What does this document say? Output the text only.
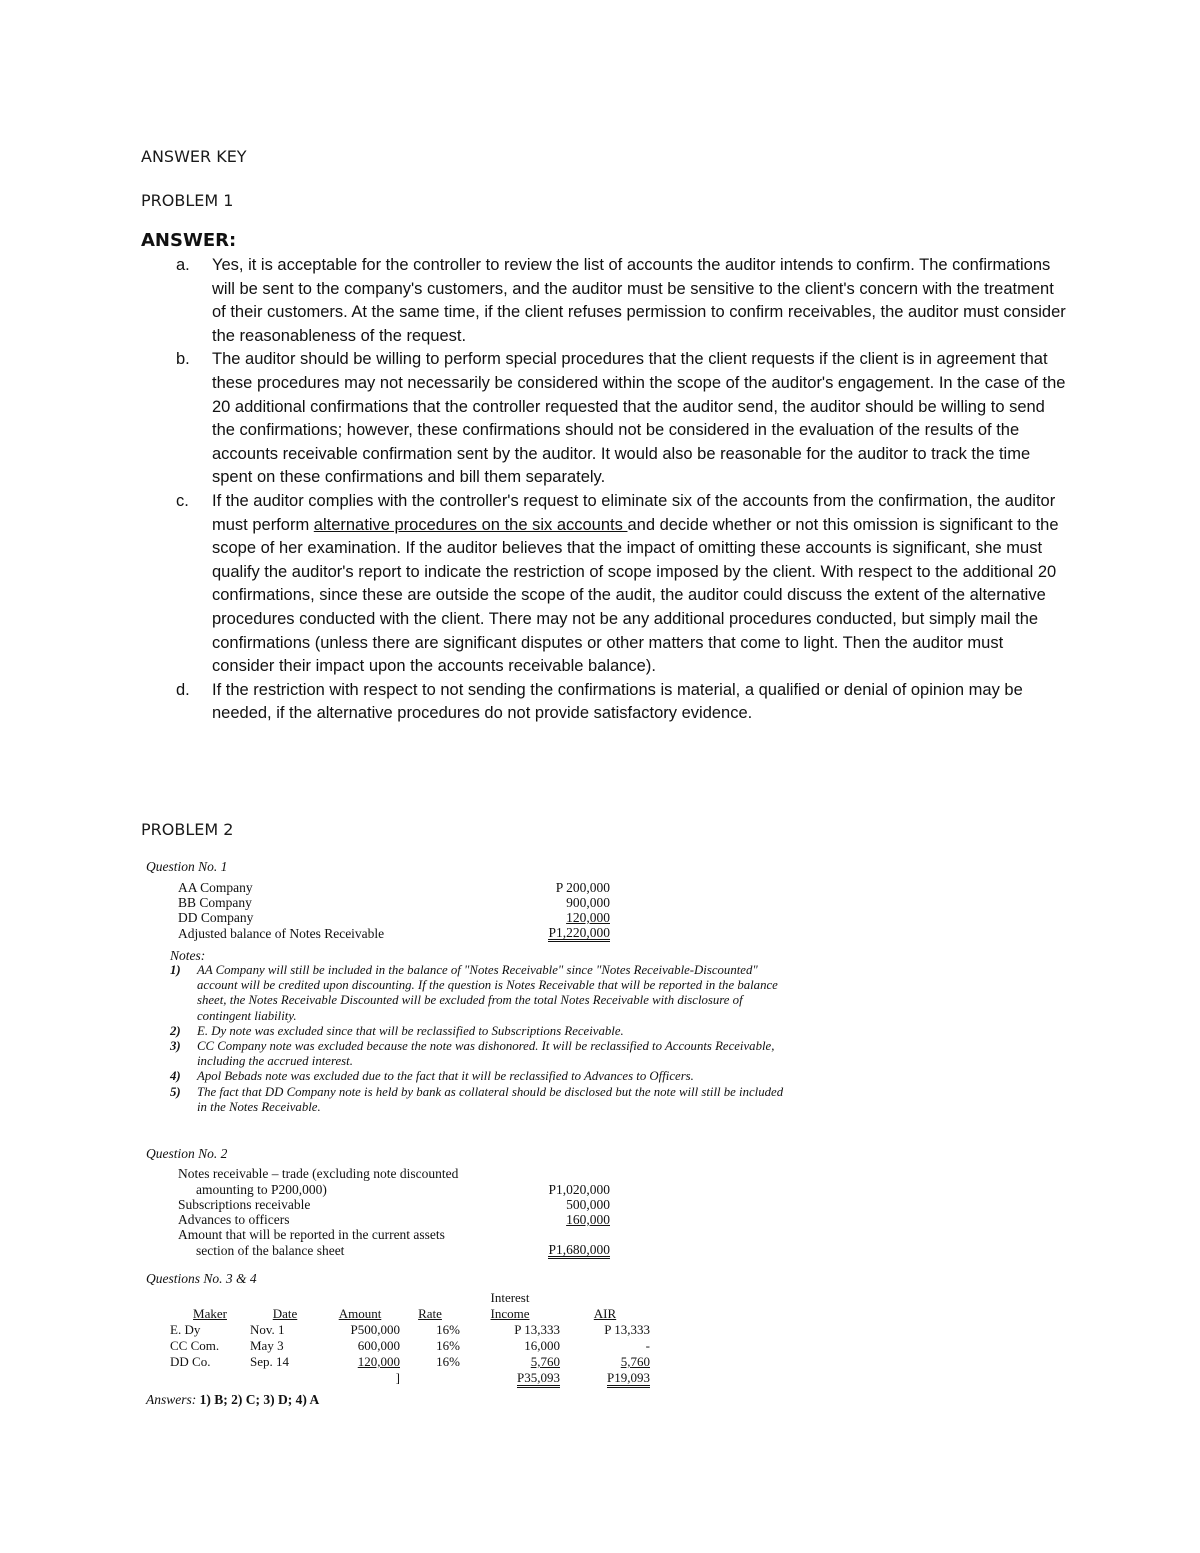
ANSWER KEY
PROBLEM 1
ANSWER:
a. Yes, it is acceptable for the controller to review the list of accounts the auditor intends to confirm. The confirmations will be sent to the company's customers, and the auditor must be sensitive to the client's concern with the treatment of their customers. At the same time, if the client refuses permission to confirm receivables, the auditor must consider the reasonableness of the request.
b. The auditor should be willing to perform special procedures that the client requests if the client is in agreement that these procedures may not necessarily be considered within the scope of the auditor's engagement. In the case of the 20 additional confirmations that the controller requested that the auditor send, the auditor should be willing to send the confirmations; however, these confirmations should not be considered in the evaluation of the results of the accounts receivable confirmation sent by the auditor. It would also be reasonable for the auditor to track the time spent on these confirmations and bill them separately.
c. If the auditor complies with the controller's request to eliminate six of the accounts from the confirmation, the auditor must perform alternative procedures on the six accounts and decide whether or not this omission is significant to the scope of her examination. If the auditor believes that the impact of omitting these accounts is significant, she must qualify the auditor's report to indicate the restriction of scope imposed by the client. With respect to the additional 20 confirmations, since these are outside the scope of the audit, the auditor could discuss the extent of the alternative procedures conducted with the client. There may not be any additional procedures conducted, but simply mail the confirmations (unless there are significant disputes or other matters that come to light. Then the auditor must consider their impact upon the accounts receivable balance).
d. If the restriction with respect to not sending the confirmations is material, a qualified or denial of opinion may be needed, if the alternative procedures do not provide satisfactory evidence.
PROBLEM 2
Question No. 1
AA Company	P 200,000
BB Company	900,000
DD Company	120,000
Adjusted balance of Notes Receivable	P1,220,000
Notes:
1) AA Company will still be included in the balance of "Notes Receivable" since "Notes Receivable-Discounted" account will be credited upon discounting. If the question is Notes Receivable that will be reported in the balance sheet, the Notes Receivable Discounted will be excluded from the total Notes Receivable with disclosure of contingent liability.
2) E. Dy note was excluded since that will be reclassified to Subscriptions Receivable.
3) CC Company note was excluded because the note was dishonored. It will be reclassified to Accounts Receivable, including the accrued interest.
4) Apol Bebads note was excluded due to the fact that it will be reclassified to Advances to Officers.
5) The fact that DD Company note is held by bank as collateral should be disclosed but the note will still be included in the Notes Receivable.
Question No. 2
Notes receivable – trade (excluding note discounted
amounting to P200,000)	P1,020,000
Subscriptions receivable	500,000
Advances to officers	160,000
Amount that will be reported in the current assets
section of the balance sheet	P1,680,000
Questions No. 3 & 4
				Interest	
Maker	Date	Amount	Rate	Income	AIR
E. Dy	Nov. 1	P500,000	16%	P 13,333	P 13,333
CC Com.	May 3	600,000	16%	16,000	-
DD Co.	Sep. 14	120,000	16%	5,760	5,760
		]		P35,093	P19,093
Answers: 1) B; 2) C; 3) D; 4) A
